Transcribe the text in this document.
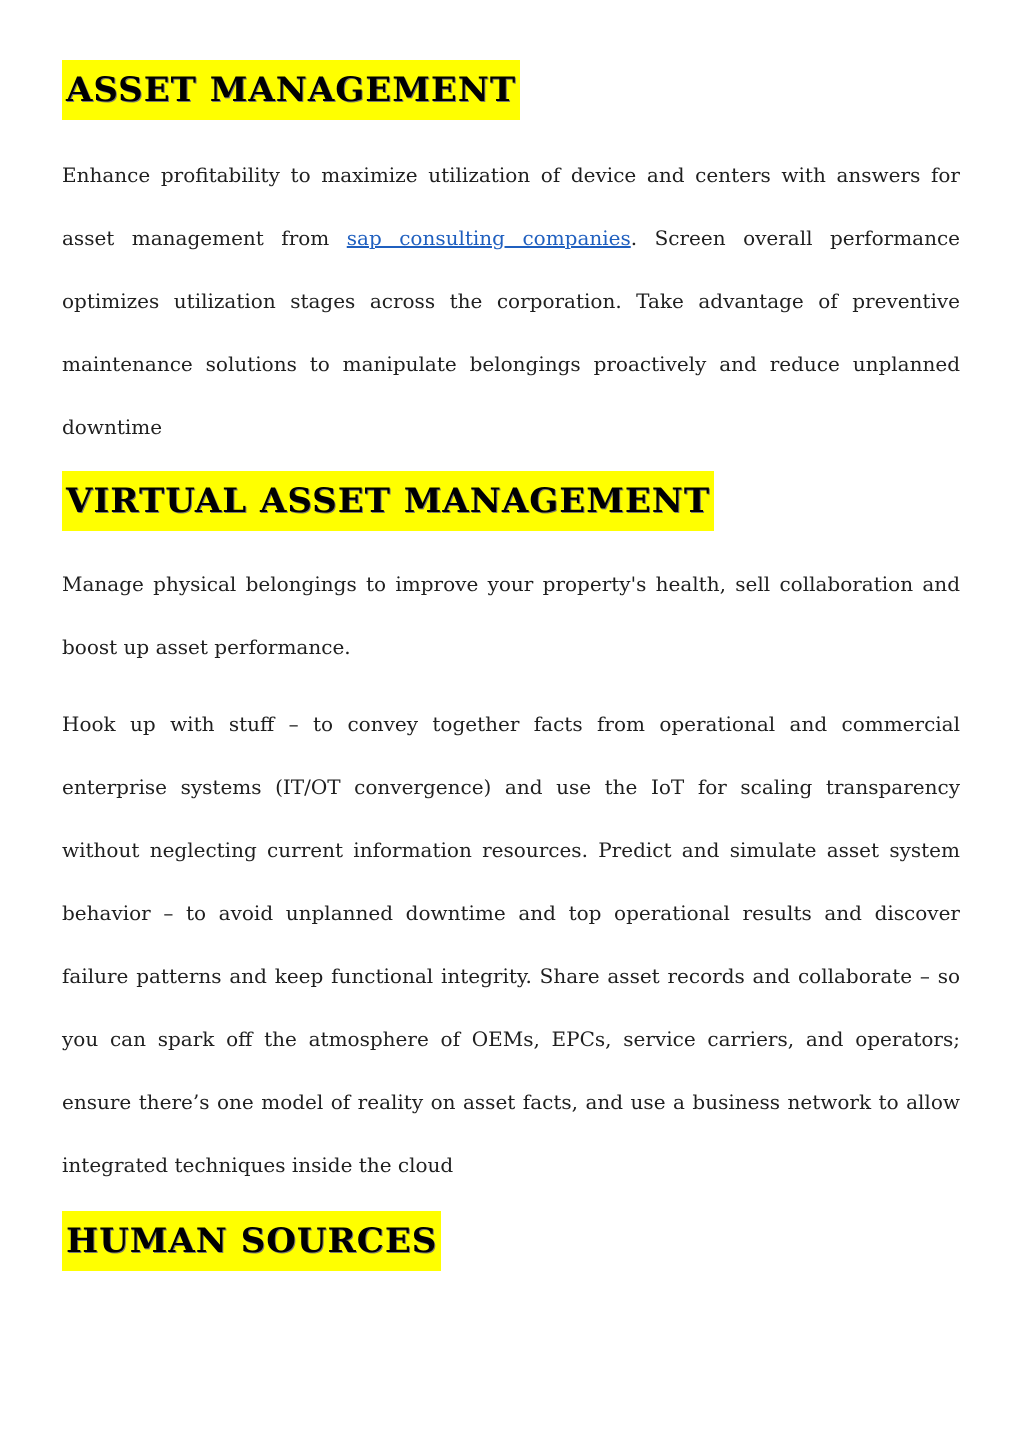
ASSET MANAGEMENT

Enhance profitability to maximize utilization of device and centers with answers for asset management from sap consulting companies. Screen overall performance optimizes utilization stages across the corporation. Take advantage of preventive maintenance solutions to manipulate belongings proactively and reduce unplanned downtime

VIRTUAL ASSET MANAGEMENT

Manage physical belongings to improve your property's health, sell collaboration and boost up asset performance.

Hook up with stuff – to convey together facts from operational and commercial enterprise systems (IT/OT convergence) and use the IoT for scaling transparency without neglecting current information resources. Predict and simulate asset system behavior – to avoid unplanned downtime and top operational results and discover failure patterns and keep functional integrity. Share asset records and collaborate – so you can spark off the atmosphere of OEMs, EPCs, service carriers, and operators; ensure there’s one model of reality on asset facts, and use a business network to allow integrated techniques inside the cloud

HUMAN SOURCES
